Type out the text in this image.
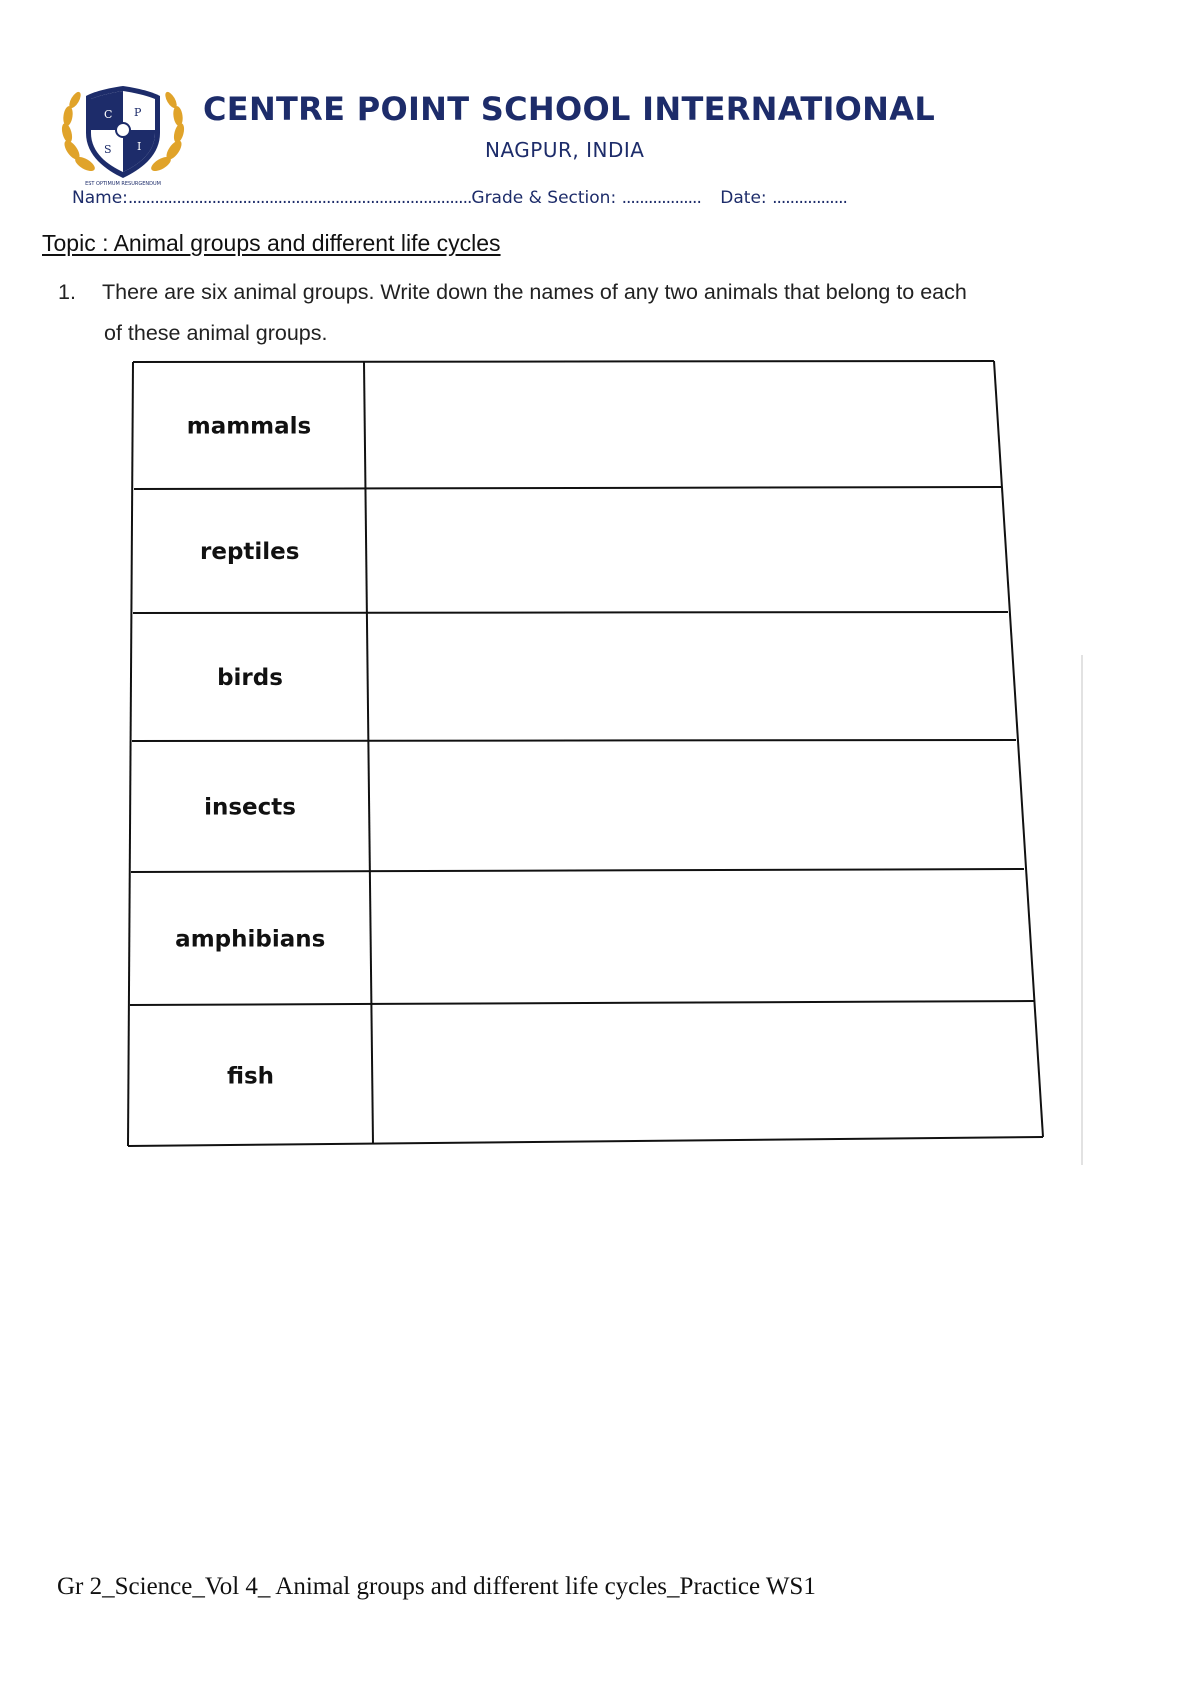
C P
S I
EST OPTIMUM RESURGENDUM
CENTRE POINT SCHOOL INTERNATIONAL
NAGPUR, INDIA
Name:..............................................................................Grade & Section: .................. Date: .................
Topic : Animal groups and different life cycles
1. There are six animal groups. Write down the names of any two animals that belong to each
of these animal groups.
mammals
reptiles
birds
insects
amphibians
fish
Gr 2_Science_Vol 4_ Animal groups and different life cycles_Practice WS1
